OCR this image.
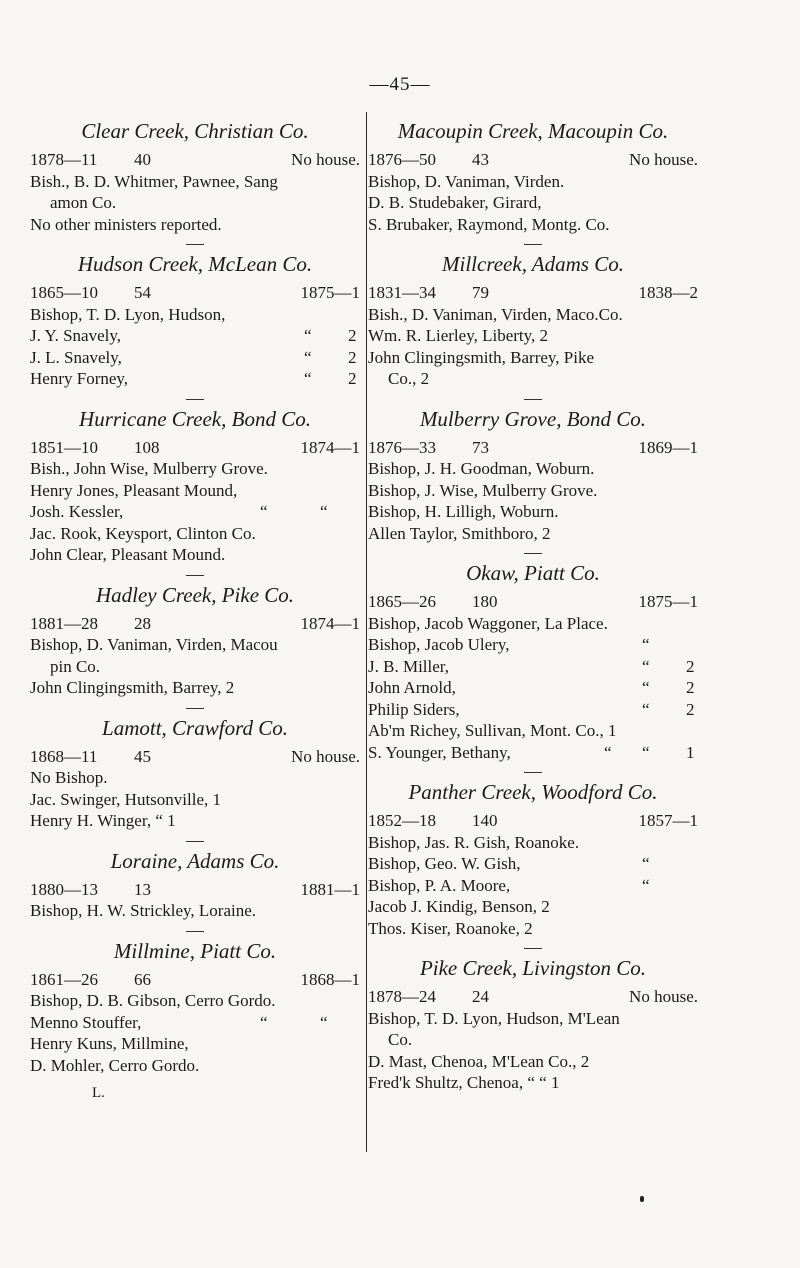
—45—
Clear Creek, Christian Co.
1878—11	40	No house.
Bish., B. D. Whitmer, Pawnee, Sang
amon Co.
No other ministers reported.
Hudson Creek, McLean Co.
1865—10	54	1875—1
Bishop, T. D. Lyon, Hudson,
J. Y. Snavely,	“ 2
J. L. Snavely,	“ 2
Henry Forney,	“ 2
Hurricane Creek, Bond Co.
1851—10	108	1874—1
Bish., John Wise, Mulberry Grove.
Henry Jones, Pleasant Mound,
Josh. Kessler,	“	“
Jac. Rook, Keysport, Clinton Co.
John Clear, Pleasant Mound.
Hadley Creek, Pike Co.
1881—28	28	1874—1
Bishop, D. Vaniman, Virden, Macou
pin Co.
John Clingingsmith, Barrey, 2
Lamott, Crawford Co.
1868—11	45	No house.
No Bishop.
Jac. Swinger, Hutsonville, 1
Henry H. Winger, “ 1
Loraine, Adams Co.
1880—13	13	1881—1
Bishop, H. W. Strickley, Loraine.
Millmine, Piatt Co.
1861—26	66	1868—1
Bishop, D. B. Gibson, Cerro Gordo.
Menno Stouffer,	“	“
Henry Kuns, Millmine,
D. Mohler, Cerro Gordo.
L.
Macoupin Creek, Macoupin Co.
1876—50	43	No house.
Bishop, D. Vaniman, Virden.
D. B. Studebaker, Girard,
S. Brubaker, Raymond, Montg. Co.
Millcreek, Adams Co.
1831—34	79	1838—2
Bish., D. Vaniman, Virden, Maco.Co.
Wm. R. Lierley, Liberty, 2
John Clingingsmith, Barrey, Pike
Co., 2
Mulberry Grove, Bond Co.
1876—33	73	1869—1
Bishop, J. H. Goodman, Woburn.
Bishop, J. Wise, Mulberry Grove.
Bishop, H. Lilligh, Woburn.
Allen Taylor, Smithboro, 2
Okaw, Piatt Co.
1865—26	180	1875—1
Bishop, Jacob Waggoner, La Place.
Bishop, Jacob Ulery,	“
J. B. Miller,	“ 2
John Arnold,	“ 2
Philip Siders,	“ 2
Ab'm Richey, Sullivan, Mont. Co., 1
S. Younger, Bethany,	“ “ 1
Panther Creek, Woodford Co.
1852—18	140	1857—1
Bishop, Jas. R. Gish, Roanoke.
Bishop, Geo. W. Gish,	“
Bishop, P. A. Moore,	“
Jacob J. Kindig, Benson, 2
Thos. Kiser, Roanoke, 2
Pike Creek, Livingston Co.
1878—24	24	No house.
Bishop, T. D. Lyon, Hudson, M'Lean
Co.
D. Mast, Chenoa, M'Lean Co., 2
Fred'k Shultz, Chenoa, “ “ 1
